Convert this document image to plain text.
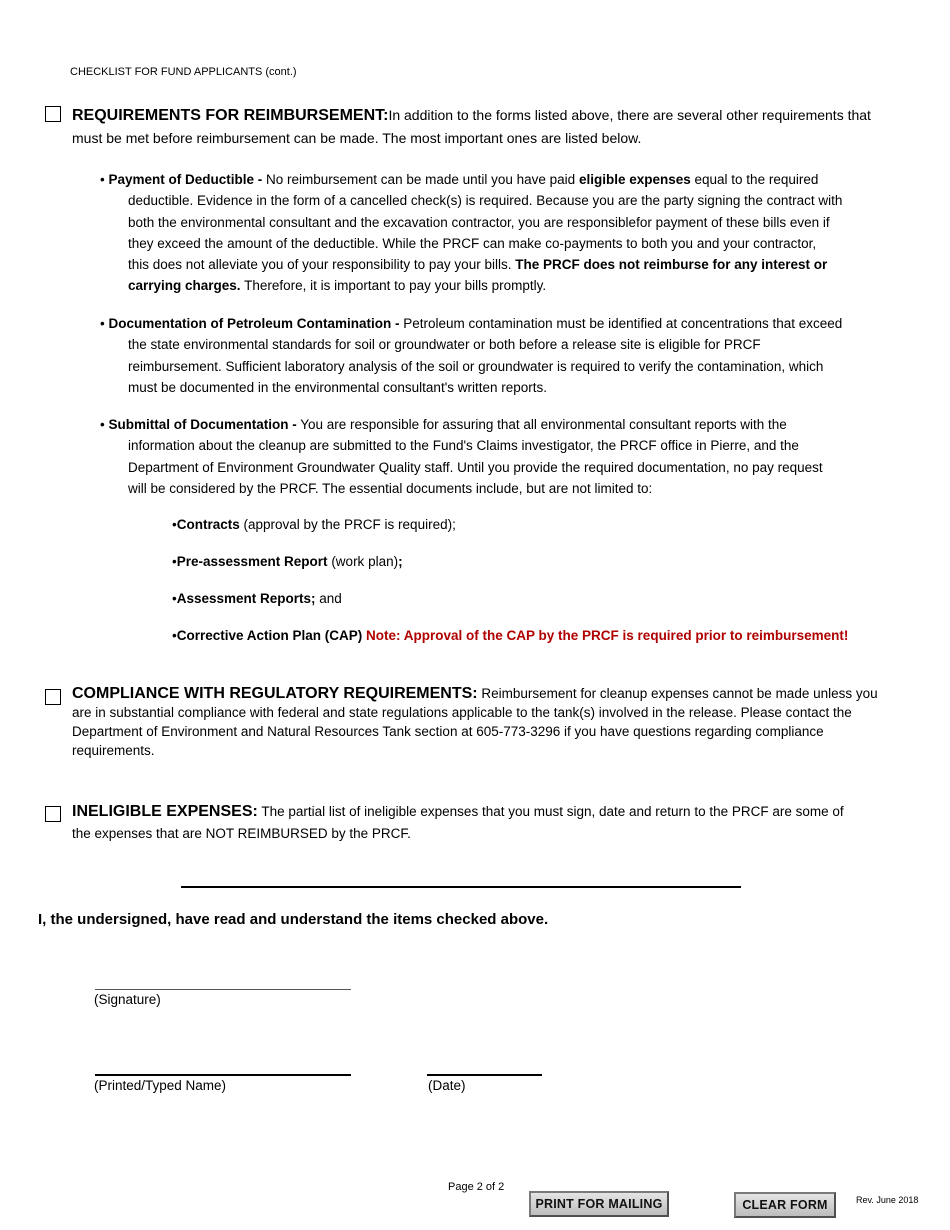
CHECKLIST FOR FUND APPLICANTS (cont.)
REQUIREMENTS FOR REIMBURSEMENT:In addition to the forms listed above, there are several other requirements that
must be met before reimbursement can be made. The most important ones are listed below.
• Payment of Deductible - No reimbursement can be made until you have paid eligible expenses equal to the required
deductible. Evidence in the form of a cancelled check(s) is required. Because you are the party signing the contract with
both the environmental consultant and the excavation contractor, you are responsiblefor payment of these bills even if
they exceed the amount of the deductible. While the PRCF can make co-payments to both you and your contractor,
this does not alleviate you of your responsibility to pay your bills. The PRCF does not reimburse for any interest or
carrying charges. Therefore, it is important to pay your bills promptly.
• Documentation of Petroleum Contamination - Petroleum contamination must be identified at concentrations that exceed
the state environmental standards for soil or groundwater or both before a release site is eligible for PRCF
reimbursement. Sufficient laboratory analysis of the soil or groundwater is required to verify the contamination, which
must be documented in the environmental consultant's written reports.
• Submittal of Documentation - You are responsible for assuring that all environmental consultant reports with the
information about the cleanup are submitted to the Fund's Claims investigator, the PRCF office in Pierre, and the
Department of Environment Groundwater Quality staff. Until you provide the required documentation, no pay request
will be considered by the PRCF. The essential documents include, but are not limited to:
•Contracts (approval by the PRCF is required);
•Pre-assessment Report (work plan);
•Assessment Reports; and
•Corrective Action Plan (CAP) Note: Approval of the CAP by the PRCF is required prior to reimbursement!
COMPLIANCE WITH REGULATORY REQUIREMENTS: Reimbursement for cleanup expenses cannot be made unless you
are in substantial compliance with federal and state regulations applicable to the tank(s) involved in the release. Please contact the
Department of Environment and Natural Resources Tank section at 605-773-3296 if you have questions regarding compliance
requirements.
INELIGIBLE EXPENSES: The partial list of ineligible expenses that you must sign, date and return to the PRCF are some of
the expenses that are NOT REIMBURSED by the PRCF.
I, the undersigned, have read and understand the items checked above.
(Signature)
(Printed/Typed Name)	(Date)
Page 2 of 2
PRINT FOR MAILING	CLEAR FORM	Rev. June 2018
